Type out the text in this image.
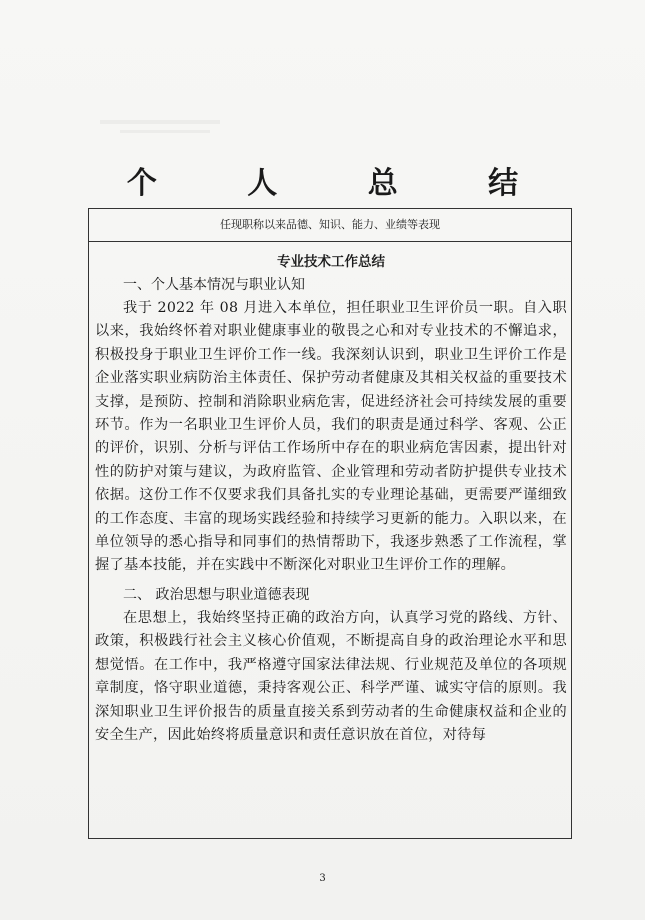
个 人 总 结
任现职称以来品德、知识、能力、业绩等表现
专业技术工作总结
一、个人基本情况与职业认知

我于 2022 年 08 月进入本单位，担任职业卫生评价员一职。自入职以来，我始终怀着对职业健康事业的敬畏之心和对专业技术的不懈追求，积极投身于职业卫生评价工作一线。我深刻认识到，职业卫生评价工作是企业落实职业病防治主体责任、保护劳动者健康及其相关权益的重要技术支撑，是预防、控制和消除职业病危害，促进经济社会可持续发展的重要环节。作为一名职业卫生评价人员，我们的职责是通过科学、客观、公正的评价，识别、分析与评估工作场所中存在的职业病危害因素，提出针对性的防护对策与建议，为政府监管、企业管理和劳动者防护提供专业技术依据。这份工作不仅要求我们具备扎实的专业理论基础，更需要严谨细致的工作态度、丰富的现场实践经验和持续学习更新的能力。入职以来，在单位领导的悉心指导和同事们的热情帮助下，我逐步熟悉了工作流程，掌握了基本技能，并在实践中不断深化对职业卫生评价工作的理解。

二、 政治思想与职业道德表现

在思想上，我始终坚持正确的政治方向，认真学习党的路线、方针、政策，积极践行社会主义核心价值观，不断提高自身的政治理论水平和思想觉悟。在工作中，我严格遵守国家法律法规、行业规范及单位的各项规章制度，恪守职业道德，秉持客观公正、科学严谨、诚实守信的原则。我深知职业卫生评价报告的质量直接关系到劳动者的生命健康权益和企业的安全生产，因此始终将质量意识和责任意识放在首位，对待每

3
